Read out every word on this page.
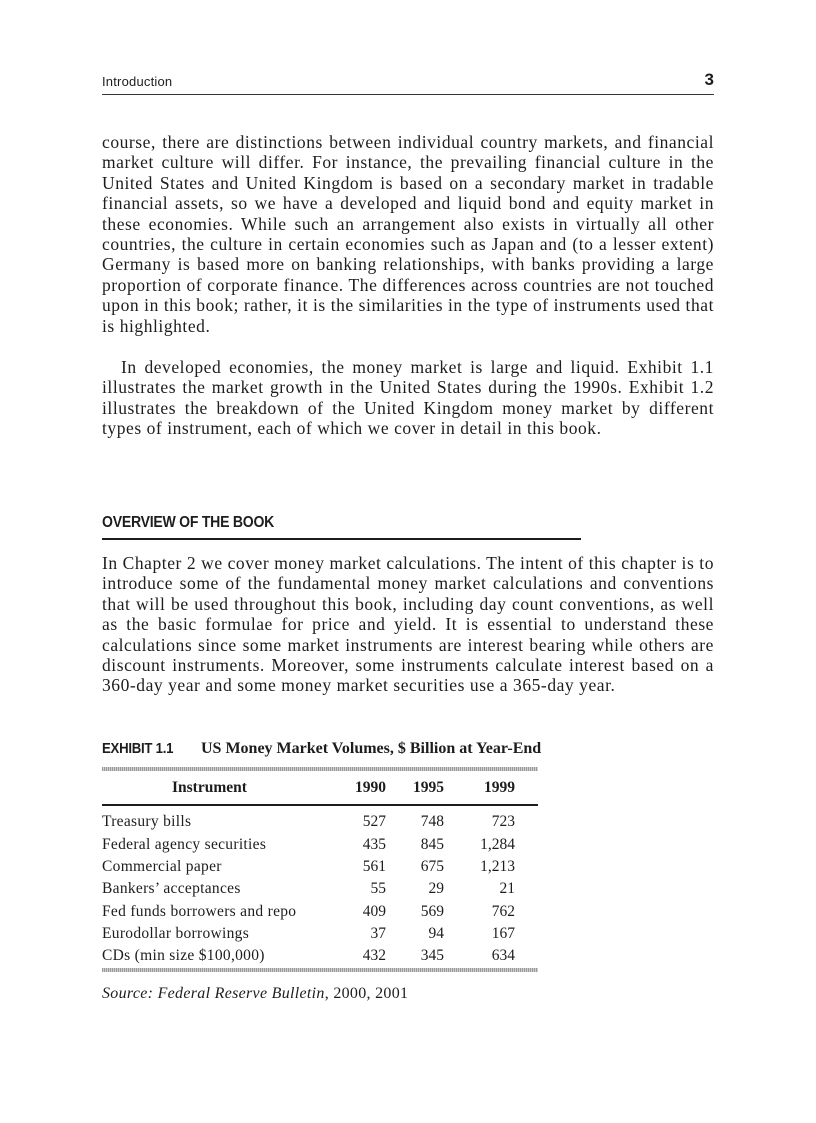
Introduction	3

course, there are distinctions between individual country markets, and financial market culture will differ. For instance, the prevailing financial culture in the United States and United Kingdom is based on a secondary market in tradable financial assets, so we have a developed and liquid bond and equity market in these economies. While such an arrangement also exists in virtually all other countries, the culture in certain economies such as Japan and (to a lesser extent) Germany is based more on banking relationships, with banks providing a large proportion of corporate finance. The differences across countries are not touched upon in this book; rather, it is the similarities in the type of instruments used that is highlighted.

In developed economies, the money market is large and liquid. Exhibit 1.1 illustrates the market growth in the United States during the 1990s. Exhibit 1.2 illustrates the breakdown of the United Kingdom money market by different types of instrument, each of which we cover in detail in this book.

OVERVIEW OF THE BOOK

In Chapter 2 we cover money market calculations. The intent of this chapter is to introduce some of the fundamental money market calculations and conventions that will be used throughout this book, including day count conventions, as well as the basic formulae for price and yield. It is essential to understand these calculations since some market instruments are interest bearing while others are discount instruments. Moreover, some instruments calculate interest based on a 360-day year and some money market securities use a 365-day year.

EXHIBIT 1.1 US Money Market Volumes, $ Billion at Year-End
Instrument	1990	1995	1999
Treasury bills	527	748	723
Federal agency securities	435	845	1,284
Commercial paper	561	675	1,213
Bankers’ acceptances	55	29	21
Fed funds borrowers and repo	409	569	762
Eurodollar borrowings	37	94	167
CDs (min size $100,000)	432	345	634
Source: Federal Reserve Bulletin, 2000, 2001
